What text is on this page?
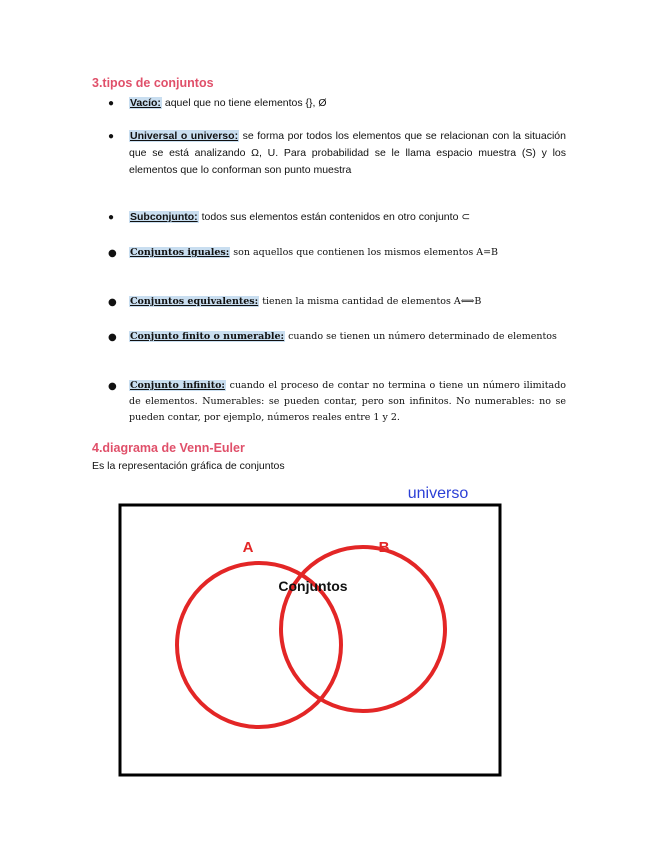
3.tipos de conjuntos
●	Vacío: aquel que no tiene elementos {}, Ø
●	Universal o universo: se forma por todos los elementos que se relacionan con la situación que se está analizando Ω, U. Para probabilidad se le llama espacio muestra (S) y los elementos que lo conforman son punto muestra
●	Subconjunto: todos sus elementos están contenidos en otro conjunto ⊂
●	Conjuntos iguales: son aquellos que contienen los mismos elementos A=B
●	Conjuntos equivalentes: tienen la misma cantidad de elementos A⟺B
●	Conjunto finito o numerable: cuando se tienen un número determinado de elementos
●	Conjunto infinito: cuando el proceso de contar no termina o tiene un número ilimitado de elementos. Numerables: se pueden contar, pero son infinitos. No numerables: no se pueden contar, por ejemplo, números reales entre 1 y 2.
4.diagrama de Venn-Euler
Es la representación gráfica de conjuntos
universo
A	B
Conjuntos
